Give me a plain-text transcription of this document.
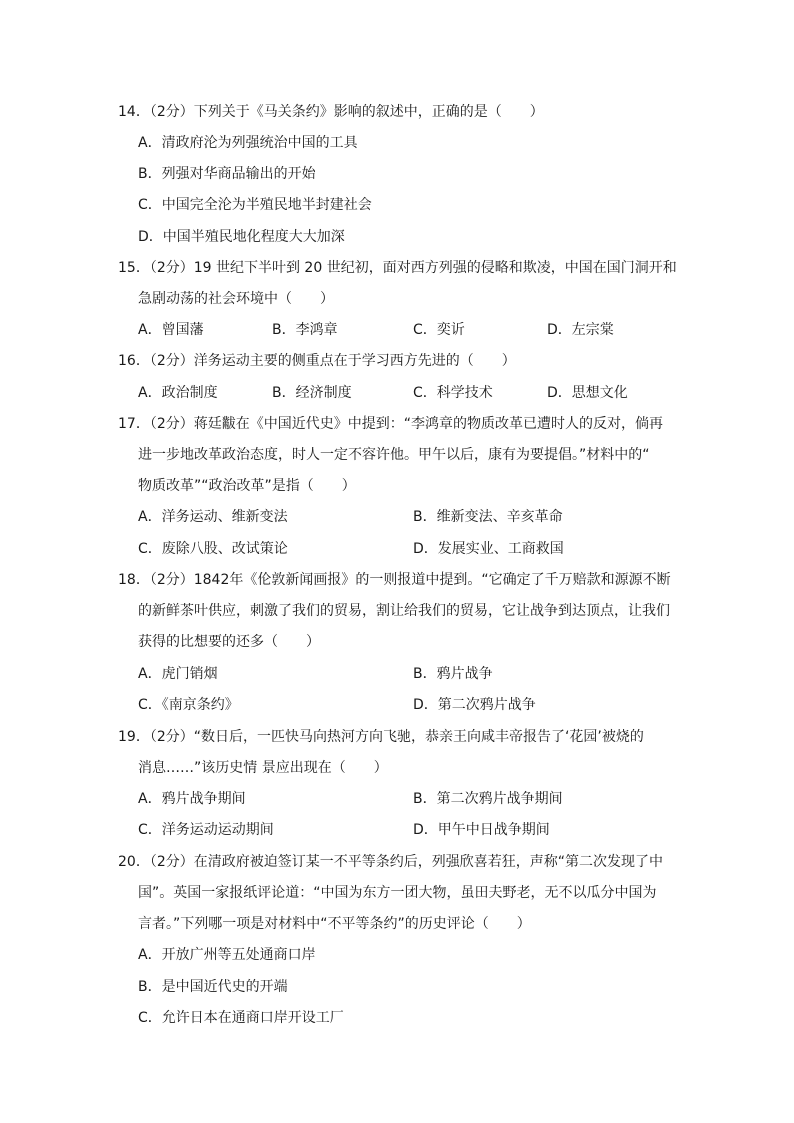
14．（2分）下列关于《马关条约》影响的叙述中，正确的是（　　）
A．清政府沦为列强统治中国的工具
B．列强对华商品输出的开始
C．中国完全沦为半殖民地半封建社会
D．中国半殖民地化程度大大加深
15．（2分）19 世纪下半叶到 20 世纪初，面对西方列强的侵略和欺凌，中国在国门洞开和
急剧动荡的社会环境中（　　）
A．曾国藩	B．李鸿章	C．奕䜣	D．左宗棠
16．（2分）洋务运动主要的侧重点在于学习西方先进的（　　）
A．政治制度	B．经济制度	C．科学技术	D．思想文化
17．（2分）蒋廷黻在《中国近代史》中提到：“李鸿章的物质改革已遭时人的反对，倘再
进一步地改革政治态度，时人一定不容许他。甲午以后，康有为要提倡。”材料中的“
物质改革”“政治改革”是指（　　）
A．洋务运动、维新变法	B．维新变法、辛亥革命
C．废除八股、改试策论	D．发展实业、工商救国
18．（2分）1842年《伦敦新闻画报》的一则报道中提到。“它确定了千万赔款和源源不断
的新鲜茶叶供应，刺激了我们的贸易，割让给我们的贸易，它让战争到达顶点，让我们
获得的比想要的还多（　　）
A．虎门销烟	B．鸦片战争
C．《南京条约》	D．第二次鸦片战争
19．（2分）“数日后，一匹快马向热河方向飞驰，恭亲王向咸丰帝报告了‘花园’被烧的
消息……”该历史情 景应出现在（　　）
A．鸦片战争期间	B．第二次鸦片战争期间
C．洋务运动运动期间	D．甲午中日战争期间
20．（2分）在清政府被迫签订某一不平等条约后，列强欣喜若狂，声称“第二次发现了中
国”。英国一家报纸评论道：“中国为东方一团大物，虽田夫野老，无不以瓜分中国为
言者。”下列哪一项是对材料中“不平等条约”的历史评论（　　）
A．开放广州等五处通商口岸
B．是中国近代史的开端
C．允许日本在通商口岸开设工厂
